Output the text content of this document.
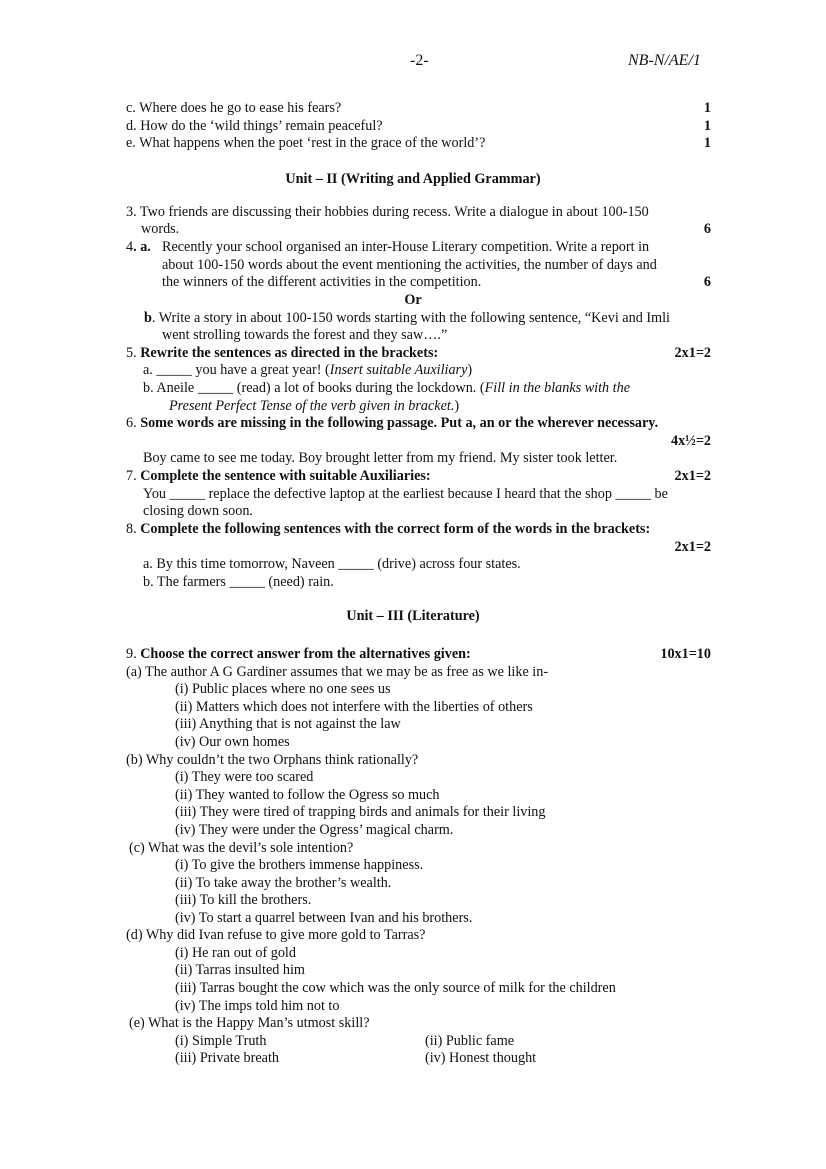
-2-	NB-N/AE/1
c. Where does he go to ease his fears?	1
d. How do the ‘wild things’ remain peaceful?	1
e. What happens when the poet ‘rest in the grace of the world’?	1
Unit – II (Writing and Applied Grammar)
3. Two friends are discussing their hobbies during recess. Write a dialogue in about 100-150
words.	6
4. a. Recently your school organised an inter-House Literary competition. Write a report in
about 100-150 words about the event mentioning the activities, the number of days and
the winners of the different activities in the competition.	6
Or
b. Write a story in about 100-150 words starting with the following sentence, “Kevi and Imli
went strolling towards the forest and they saw….”
5. Rewrite the sentences as directed in the brackets:	2x1=2
a. _____ you have a great year! (Insert suitable Auxiliary)
b. Aneile _____ (read) a lot of books during the lockdown. (Fill in the blanks with the
Present Perfect Tense of the verb given in bracket.)
6. Some words are missing in the following passage. Put a, an or the wherever necessary.
4x½=2
Boy came to see me today. Boy brought letter from my friend. My sister took letter.
7. Complete the sentence with suitable Auxiliaries:	2x1=2
You _____ replace the defective laptop at the earliest because I heard that the shop _____ be
closing down soon.
8. Complete the following sentences with the correct form of the words in the brackets:
2x1=2
a. By this time tomorrow, Naveen _____ (drive) across four states.
b. The farmers _____ (need) rain.
Unit – III (Literature)
9. Choose the correct answer from the alternatives given:	10x1=10
(a) The author A G Gardiner assumes that we may be as free as we like in-
(i) Public places where no one sees us
(ii) Matters which does not interfere with the liberties of others
(iii) Anything that is not against the law
(iv) Our own homes
(b) Why couldn’t the two Orphans think rationally?
(i) They were too scared
(ii) They wanted to follow the Ogress so much
(iii) They were tired of trapping birds and animals for their living
(iv) They were under the Ogress’ magical charm.
(c) What was the devil’s sole intention?
(i) To give the brothers immense happiness.
(ii) To take away the brother’s wealth.
(iii) To kill the brothers.
(iv) To start a quarrel between Ivan and his brothers.
(d) Why did Ivan refuse to give more gold to Tarras?
(i) He ran out of gold
(ii) Tarras insulted him
(iii) Tarras bought the cow which was the only source of milk for the children
(iv) The imps told him not to
(e) What is the Happy Man’s utmost skill?
(i) Simple Truth	(ii) Public fame
(iii) Private breath	(iv) Honest thought
